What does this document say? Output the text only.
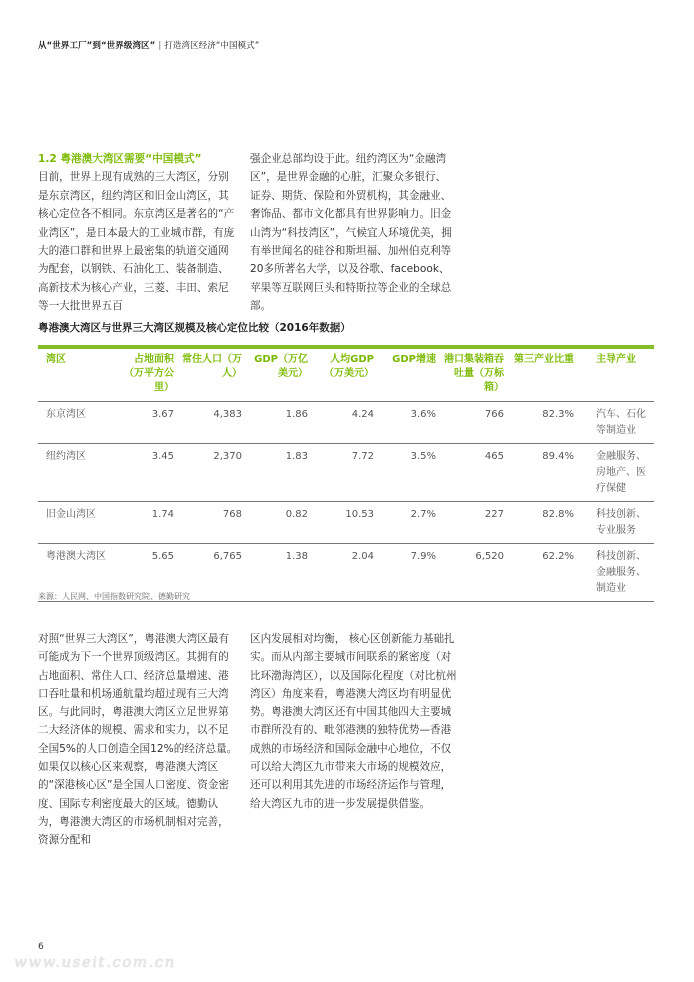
从“世界工厂”到“世界级湾区” | 打造湾区经济“中国模式”
1.2 粤港澳大湾区需要“中国模式”
目前，世界上现有成熟的三大湾区，分别是东京湾区，纽约湾区和旧金山湾区，其核心定位各不相同。东京湾区是著名的“产业湾区”，是日本最大的工业城市群，有庞大的港口群和世界上最密集的轨道交通网为配套，以钢铁、石油化工、装备制造、高新技术为核心产业，三菱、丰田、索尼等一大批世界五百
强企业总部均设于此。纽约湾区为“金融湾区”，是世界金融的心脏，汇聚众多银行、证券、期货、保险和外贸机构，其金融业、奢饰品、都市文化都具有世界影响力。旧金山湾为“科技湾区”，气候宜人环境优美，拥有举世闻名的硅谷和斯坦福、加州伯克利等20多所著名大学，以及谷歌、facebook、苹果等互联网巨头和特斯拉等企业的全球总部。
粤港澳大湾区与世界三大湾区规模及核心定位比较（2016年数据）
湾区	占地面积（万平方公里）	常住人口（万人）	GDP（万亿美元）	人均GDP（万美元）	GDP增速	港口集装箱吞吐量（万标箱）	第三产业比重	主导产业
东京湾区	3.67	4,383	1.86	4.24	3.6%	766	82.3%	汽车、石化等制造业
纽约湾区	3.45	2,370	1.83	7.72	3.5%	465	89.4%	金融服务、房地产、医疗保健
旧金山湾区	1.74	768	0.82	10.53	2.7%	227	82.8%	科技创新、专业服务
粤港澳大湾区	5.65	6,765	1.38	2.04	7.9%	6,520	62.2%	科技创新、金融服务、制造业
来源：人民网、中国指数研究院、德勤研究
对照“世界三大湾区”，粤港澳大湾区最有可能成为下一个世界顶级湾区。其拥有的占地面积、常住人口、经济总量增速、港口吞吐量和机场通航量均超过现有三大湾区。与此同时，粤港澳大湾区立足世界第二大经济体的规模、需求和实力，以不足全国5%的人口创造全国12%的经济总量。如果仅以核心区来观察，粤港澳大湾区的“深港核心区”是全国人口密度、资金密度、国际专利密度最大的区域。德勤认为，粤港澳大湾区的市场机制相对完善，资源分配和
区内发展相对均衡， 核心区创新能力基础扎实。而从内部主要城市间联系的紧密度（对比环渤海湾区），以及国际化程度（对比杭州湾区）角度来看，粤港澳大湾区均有明显优势。粤港澳大湾区还有中国其他四大主要城市群所没有的、毗邻港澳的独特优势—香港成熟的市场经济和国际金融中心地位，不仅可以给大湾区九市带来大市场的规模效应，还可以利用其先进的市场经济运作与管理，给大湾区九市的进一步发展提供借鉴。
6
www.useit.com.cn
